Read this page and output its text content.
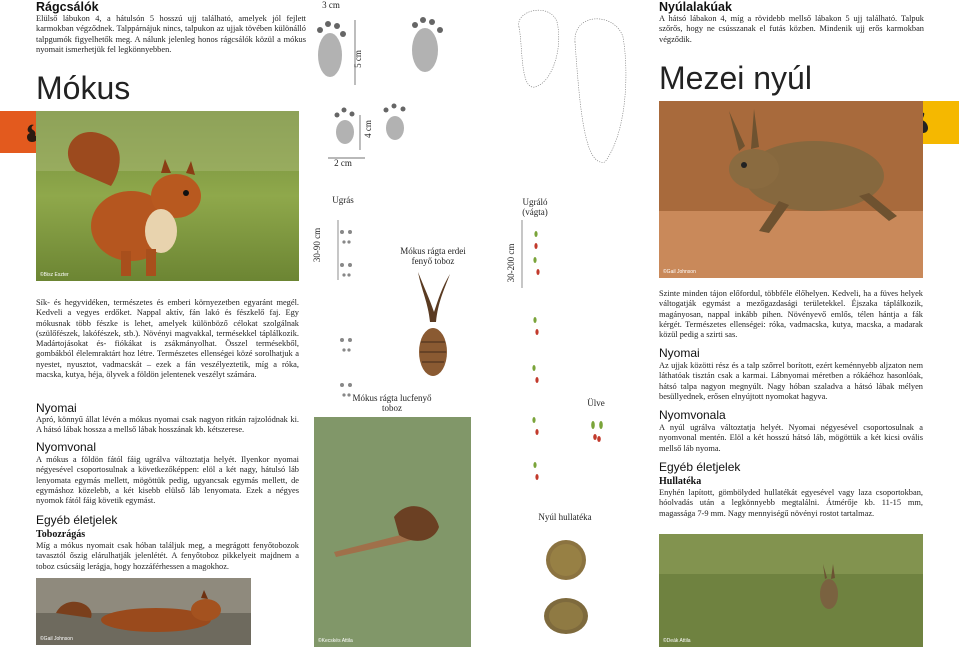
Rágcsálók
Elülső lábukon 4, a hátulsón 5 hosszú ujj található, amelyek jól fejlett karmokban végződnek. Talppárnájuk nincs, talpukon az ujjak tövében különálló talpgumók figyelhetők meg. A nálunk jelenleg honos rágcsálók közül a mókus nyomait ismerhetjük fel legkönnyebben.
Mókus
©Bisz Eszter
Sík- és hegyvidéken, természetes és emberi környezetben egyaránt megél. Kedveli a vegyes erdőket. Nappal aktív, fán lakó és fészkelő faj. Egy mókusnak több fészke is lehet, amelyek különböző célokat szolgálnak (szülőfészek, lakófészek, stb.). Növényi magvakkal, termésekkel táplálkozik. Madártojásokat és- fiókákat is zsákmányolhat. Összel termésekből, gombákból élelemraktárt hoz létre. Természetes ellenségei közé sorolhatjuk a nyestet, nyusztot, vadmacskát – ezek a fán veszélyeztetik, míg a róka, macska, kutya, héja, ölyvek a földön jelentenek veszélyt számára.
Nyomai
Apró, könnyű állat lévén a mókus nyomai csak nagyon ritkán rajzolódnak ki. A hátsó lábak hossza a mellső lábak hosszának kb. kétszerese.
Nyomvonal
A mókus a földön fától fáig ugrálva változtatja helyét. Ilyenkor nyomai négyesével csoportosulnak a következőképpen: elöl a két nagy, hátulsó láb lenyomata egymás mellett, mögöttük pedig, ugyancsak egymás mellett, de egymáshoz közelebb, a két kisebb elülső láb lenyomata. Ezek a négyes nyomok fától fáig követik egymást.
Egyéb életjelek
Tobozrágás
Míg a mókus nyomait csak hóban találjuk meg, a megrágott fenyőtobozok tavasztól őszig elárulhatják jelenlétét. A fenyőtoboz pikkelyeit majdnem a toboz csúcsáig lerágja, hogy hozzáférhessen a magokhoz.
©Gail Johnson
3 cm
5 cm
4 cm
2 cm
Ugrás	Ugráló (vágta)
30-90 cm	30-200 cm
Mókus rágta erdei fenyő toboz
Mókus rágta lucfenyő toboz
©Kecskés Attila
Ülve
Nyúl hullatéka
Nyúlalakúak
A hátsó lábakon 4, míg a rövidebb mellső lábakon 5 ujj található. Talpuk szőrős, hogy ne csússzanak el futás közben. Mindenik ujj erős karmokban végződik.
Mezei nyúl
©Gail Johnson
Szinte minden tájon előfordul, többféle élőhelyen. Kedveli, ha a füves helyek váltogatják egymást a mezőgazdasági területekkel. Éjszaka táplálkozik, magányosan, nappal inkább pihen. Növényevő emlős, télen hántja a fák kérgét. Természetes ellenségei: róka, vadmacska, kutya, macska, a madarak közül pedig a szirti sas.
Nyomai
Az ujjak közötti rész és a talp szőrrel borított, ezért keménnyebb aljzaton nem láthatóak tisztán csak a karmai. Lábnyomai méretben a rókáéhoz hasonlóak, hátsó talpa nagyon megnyúlt. Nagy hóban szaladva a hátsó lábak mélyen besüllyednek, erősen elnyújtott nyomokat hagyva.
Nyomvonala
A nyúl ugrálva változtatja helyét. Nyomai négyesével csoportosulnak a nyomvonal mentén. Elöl a két hosszú hátsó láb, mögöttük a két kicsi ovális mellső láb nyoma.
Egyéb életjelek
Hullatéka
Enyhén lapított, gömbölyded hullatékát egyesével vagy laza csoportokban, hóolvadás után a legkönnyebb megtalálni. Átmérője kb. 11-15 mm, magassága 7-9 mm. Nagy mennyiségű növényi rostot tartalmaz.
©Deák Attila
